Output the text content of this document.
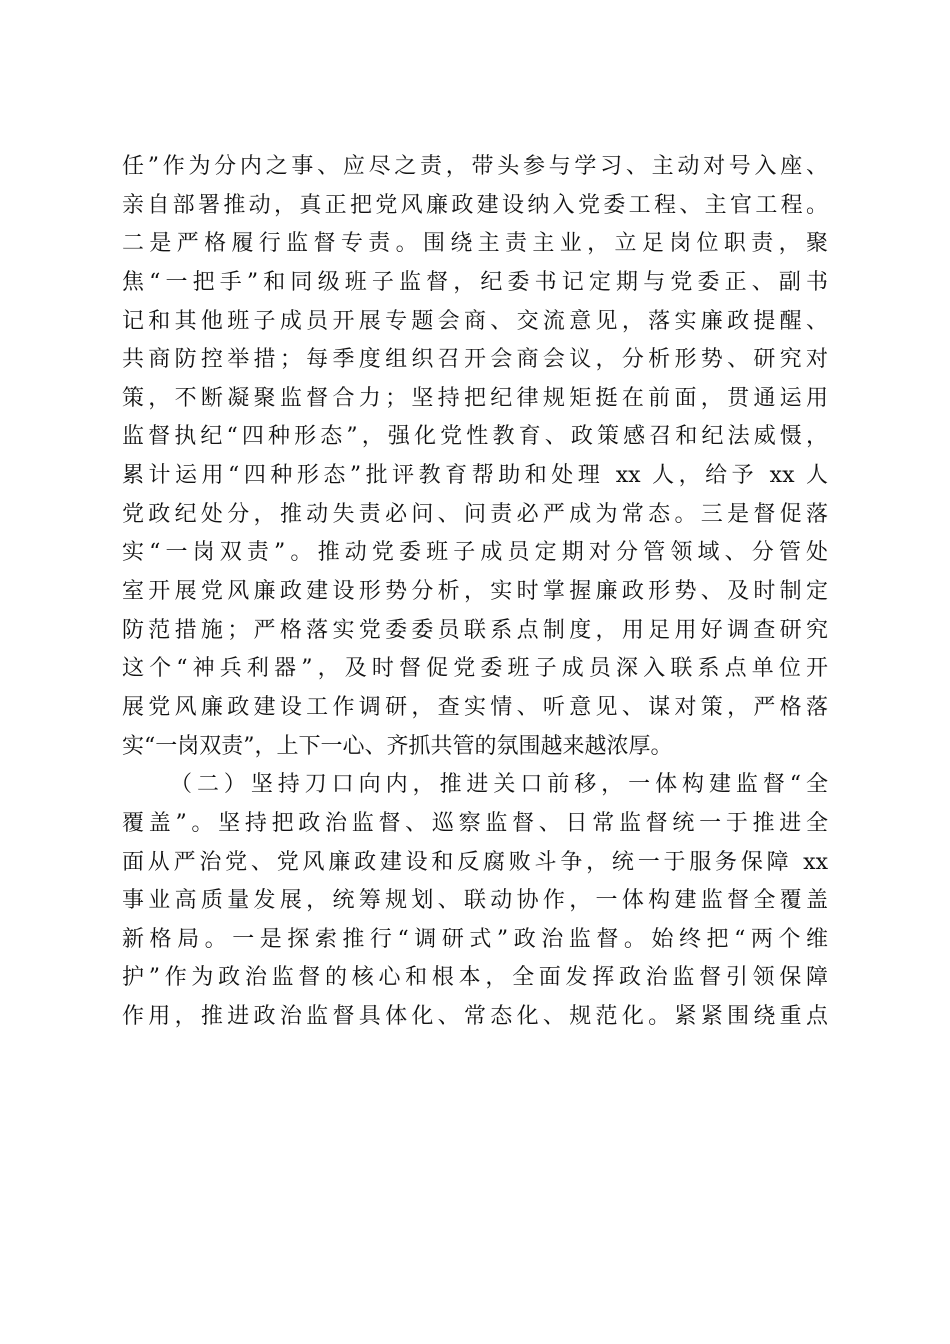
任”作为分内之事、应尽之责，带头参与学习、主动对号入座、
亲自部署推动，真正把党风廉政建设纳入党委工程、主官工程。
二是严格履行监督专责。围绕主责主业，立足岗位职责，聚
焦“一把手”和同级班子监督，纪委书记定期与党委正、副书
记和其他班子成员开展专题会商、交流意见，落实廉政提醒、
共商防控举措；每季度组织召开会商会议，分析形势、研究对
策，不断凝聚监督合力；坚持把纪律规矩挺在前面，贯通运用
监督执纪“四种形态”，强化党性教育、政策感召和纪法威慑，
累计运用“四种形态”批评教育帮助和处理 xx 人，给予 xx 人
党政纪处分，推动失责必问、问责必严成为常态。三是督促落
实“一岗双责”。推动党委班子成员定期对分管领域、分管处
室开展党风廉政建设形势分析，实时掌握廉政形势、及时制定
防范措施；严格落实党委委员联系点制度，用足用好调查研究
这个“神兵利器”，及时督促党委班子成员深入联系点单位开
展党风廉政建设工作调研，查实情、听意见、谋对策，严格落
实“一岗双责”，上下一心、齐抓共管的氛围越来越浓厚。
（二）坚持刀口向内，推进关口前移，一体构建监督“全
覆盖”。坚持把政治监督、巡察监督、日常监督统一于推进全
面从严治党、党风廉政建设和反腐败斗争，统一于服务保障 xx
事业高质量发展，统筹规划、联动协作，一体构建监督全覆盖
新格局。一是探索推行“调研式”政治监督。始终把“两个维
护”作为政治监督的核心和根本，全面发挥政治监督引领保障
作用，推进政治监督具体化、常态化、规范化。紧紧围绕重点
